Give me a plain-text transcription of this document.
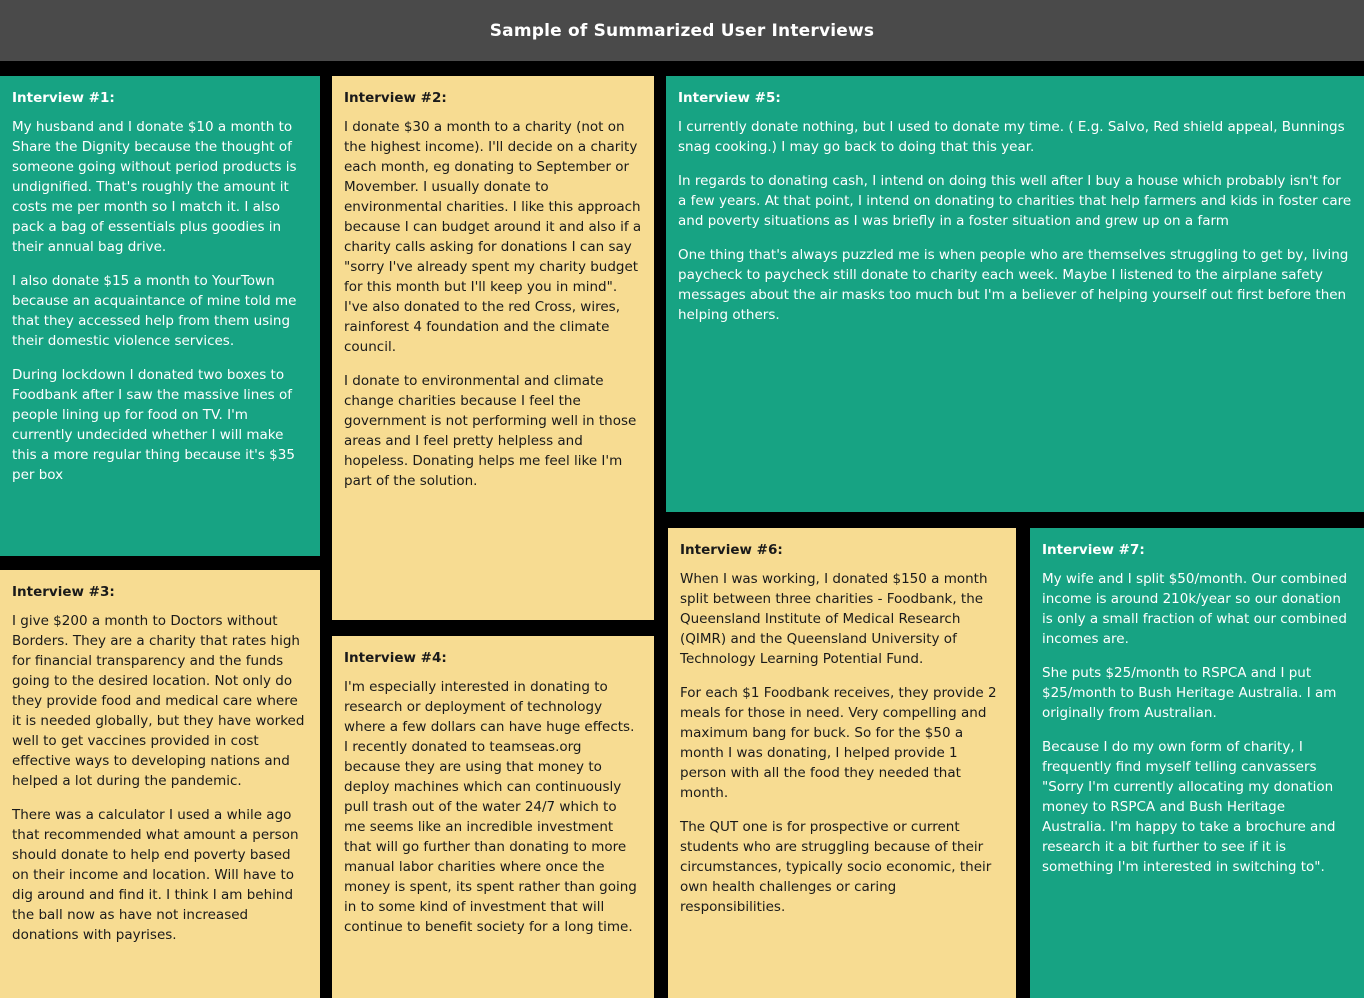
Sample of Summarized User Interviews
Interview #1:

My husband and I donate $10 a month to Share the Dignity because the thought of someone going without period products is undignified. That's roughly the amount it costs me per month so I match it. I also pack a bag of essentials plus goodies in their annual bag drive.

I also donate $15 a month to YourTown because an acquaintance of mine told me that they accessed help from them using their domestic violence services.

During lockdown I donated two boxes to Foodbank after I saw the massive lines of people lining up for food on TV. I'm currently undecided whether I will make this a more regular thing because it's $35 per box

Interview #2:

I donate $30 a month to a charity (not on the highest income). I'll decide on a charity each month, eg donating to September or Movember. I usually donate to environmental charities. I like this approach because I can budget around it and also if a charity calls asking for donations I can say "sorry I've already spent my charity budget for this month but I'll keep you in mind". I've also donated to the red Cross, wires, rainforest 4 foundation and the climate council.

I donate to environmental and climate change charities because I feel the government is not performing well in those areas and I feel pretty helpless and hopeless. Donating helps me feel like I'm part of the solution.

Interview #5:

I currently donate nothing, but I used to donate my time. ( E.g. Salvo, Red shield appeal, Bunnings snag cooking.) I may go back to doing that this year.

In regards to donating cash, I intend on doing this well after I buy a house which probably isn't for a few years. At that point, I intend on donating to charities that help farmers and kids in foster care and poverty situations as I was briefly in a foster situation and grew up on a farm

One thing that's always puzzled me is when people who are themselves struggling to get by, living paycheck to paycheck still donate to charity each week. Maybe I listened to the airplane safety messages about the air masks too much but I'm a believer of helping yourself out first before then helping others.

Interview #3:

I give $200 a month to Doctors without Borders. They are a charity that rates high for financial transparency and the funds going to the desired location. Not only do they provide food and medical care where it is needed globally, but they have worked well to get vaccines provided in cost effective ways to developing nations and helped a lot during the pandemic.

There was a calculator I used a while ago that recommended what amount a person should donate to help end poverty based on their income and location. Will have to dig around and find it. I think I am behind the ball now as have not increased donations with payrises.

Interview #4:

I'm especially interested in donating to research or deployment of technology where a few dollars can have huge effects. I recently donated to teamseas.org because they are using that money to deploy machines which can continuously pull trash out of the water 24/7 which to me seems like an incredible investment that will go further than donating to more manual labor charities where once the money is spent, its spent rather than going in to some kind of investment that will continue to benefit society for a long time.

Interview #6:

When I was working, I donated $150 a month split between three charities - Foodbank, the Queensland Institute of Medical Research (QIMR) and the Queensland University of Technology Learning Potential Fund.

For each $1 Foodbank receives, they provide 2 meals for those in need. Very compelling and maximum bang for buck. So for the $50 a month I was donating, I helped provide 1 person with all the food they needed that month.

The QUT one is for prospective or current students who are struggling because of their circumstances, typically socio economic, their own health challenges or caring responsibilities.

Interview #7:

My wife and I split $50/month. Our combined income is around 210k/year so our donation is only a small fraction of what our combined incomes are.

She puts $25/month to RSPCA and I put $25/month to Bush Heritage Australia. I am originally from Australian.

Because I do my own form of charity, I frequently find myself telling canvassers "Sorry I'm currently allocating my donation money to RSPCA and Bush Heritage Australia. I'm happy to take a brochure and research it a bit further to see if it is something I'm interested in switching to".
